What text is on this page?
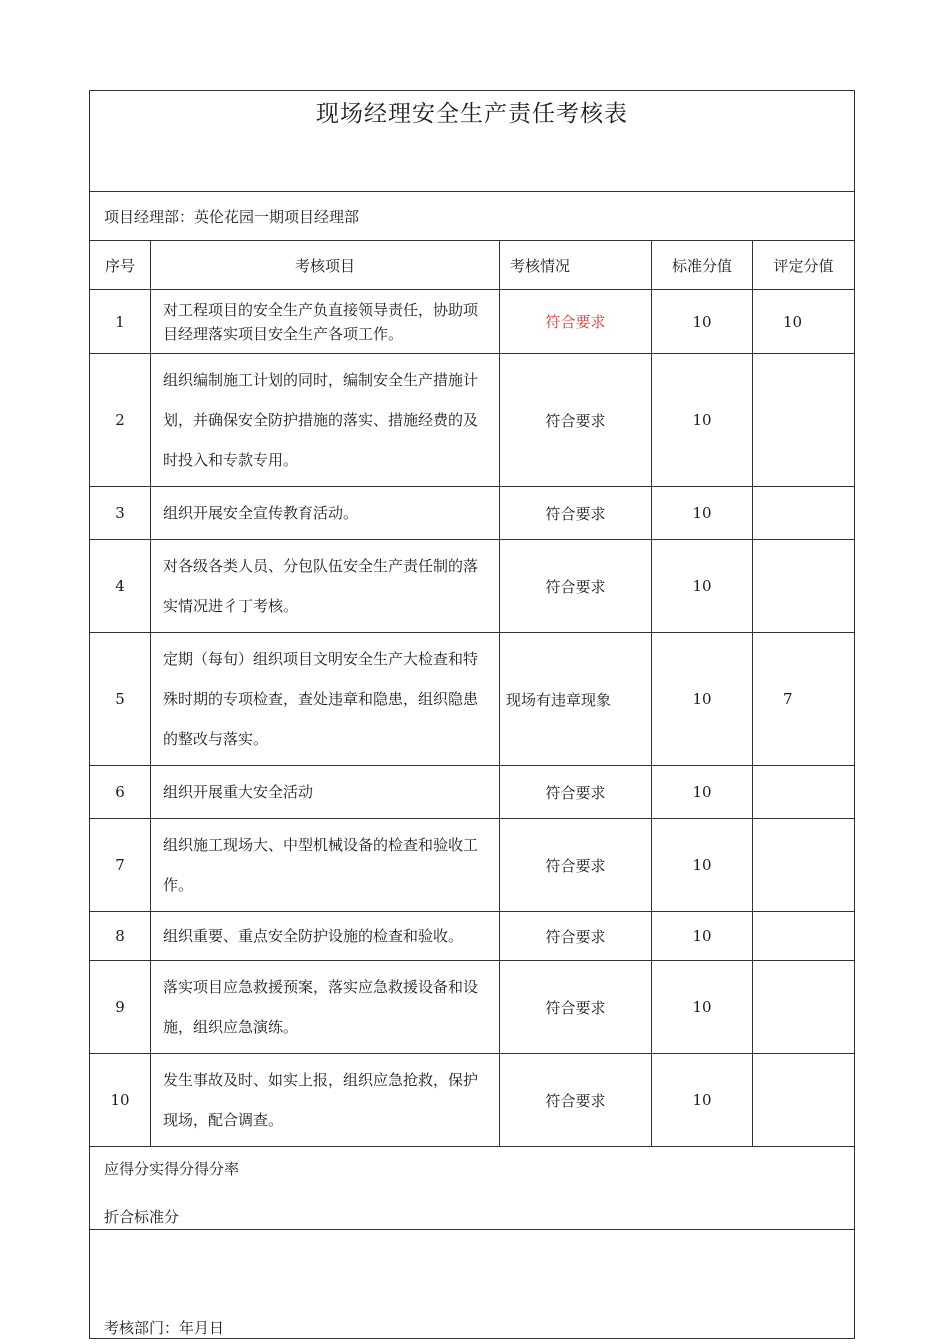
现场经理安全生产责任考核表				

项目经理部：英伦花园一期项目经理部				
序号	考核项目	考核情况	标准分值	评定分值
1	对工程项目的安全生产负直接领导责任，协助项目经理落实项目安全生产各项工作。	符合要求	10	10
2	组织编制施工计划的同时，编制安全生产措施计划，并确保安全防护措施的落实、措施经费的及时投入和专款专用。	符合要求	10	
3	组织开展安全宣传教育活动。	符合要求	10	
4	对各级各类人员、分包队伍安全生产责任制的落实情况进彳丁考核。	符合要求	10	
5	定期（每旬）组织项目文明安全生产大检查和特殊时期的专项检查，查处违章和隐患，组织隐患的整改与落实。	现场有违章现象	10	7
6	组织开展重大安全活动	符合要求	10	
7	组织施工现场大、中型机械设备的检查和验收工作。	符合要求	10	
8	组织重要、重点安全防护设施的检查和验收。	符合要求	10	
9	落实项目应急救援预案，落实应急救援设备和设施，组织应急演练。	符合要求	10	
10	发生事故及时、如实上报，组织应急抢救，保护现场，配合调查。	符合要求	10	

应得分实得分得分率
折合标准分				

考核部门：年月日				
